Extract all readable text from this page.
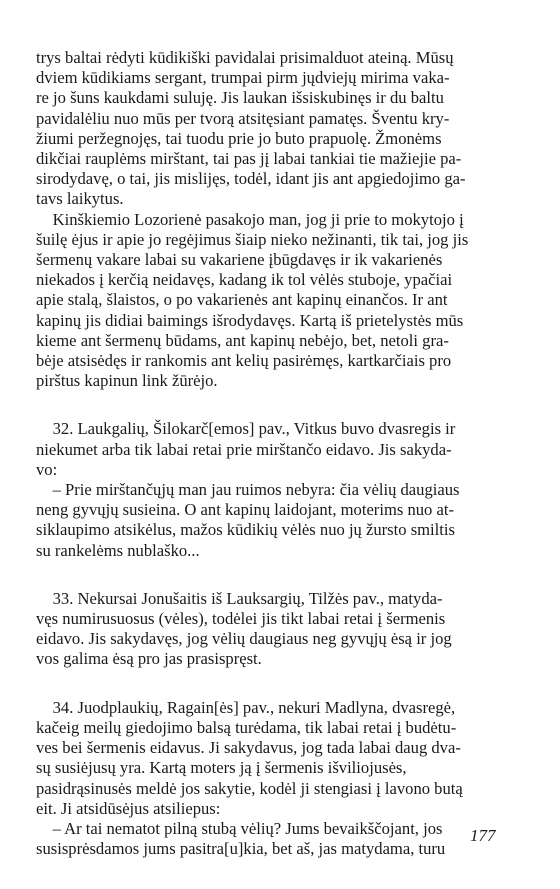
trys baltai rėdyti kūdikiški pavidalai prisimalduot ateiną. Mūsų
dviem kūdikiams sergant, trumpai pirm jųdviejų mirima vaka-
re jo šuns kaukdami suluję. Jis laukan išsiskubinęs ir du baltu
pavidalėliu nuo mūs per tvorą atsitęsiant pamatęs. Šventu kry-
žiumi peržegnojęs, tai tuodu prie jo buto prapuolę. Žmonėms
dikčiai rauplėms mirštant, tai pas jį labai tankiai tie mažiejie pa-
sirodydavę, o tai, jis mislijęs, todėl, idant jis ant apgiedojimo ga-
tavs laikytus.
Kinškiemio Lozorienė pasakojo man, jog ji prie to mokytojo į
šuilę ėjus ir apie jo regėjimus šiaip nieko nežinanti, tik tai, jog jis
šermenų vakare labai su vakariene įbūgdavęs ir ik vakarienės
niekados į kerčią neidavęs, kadang ik tol vėlės stuboje, ypačiai
apie stalą, šlaistos, o po vakarienės ant kapinų einančos. Ir ant
kapinų jis didiai baimings išrodydavęs. Kartą iš prietelystės mūs
kieme ant šermenų būdams, ant kapinų nebėjo, bet, netoli gra-
bėje atsisėdęs ir rankomis ant kelių pasirėmęs, kartkarčiais pro
pirštus kapinun link žūrėjo.
32. Laukgalių, Šilokarč[emos] pav., Vitkus buvo dvasregis ir
niekumet arba tik labai retai prie mirštančo eidavo. Jis sakyda-
vo:
– Prie mirštančųjų man jau ruimos nebyra: čia vėlių daugiaus
neng gyvųjų susieina. O ant kapinų laidojant, moterims nuo at-
siklaupimo atsikėlus, mažos kūdikių vėlės nuo jų žursto smiltis
su rankelėms nublaško...
33. Nekursai Jonušaitis iš Lauksargių, Tilžės pav., matyda-
vęs numirusuosus (vėles), todėlei jis tikt labai retai į šermenis
eidavo. Jis sakydavęs, jog vėlių daugiaus neg gyvųjų ėsą ir jog
vos galima ėsą pro jas prasispręst.
34. Juodplaukių, Ragain[ės] pav., nekuri Madlyna, dvasregė,
kačeig meilų giedojimo balsą turėdama, tik labai retai į budėtu-
ves bei šermenis eidavus. Ji sakydavus, jog tada labai daug dva-
sų susiėjusų yra. Kartą moters ją į šermenis išviliojusės,
pasidrąsinusės meldė jos sakytie, kodėl ji stengiasi į lavono butą
eit. Ji atsidūsėjus atsiliepus:
– Ar tai nematot pilną stubą vėlių? Jums bevaikščojant, jos
susisprėsdamos jums pasitra[u]kia, bet aš, jas matydama, turu
177
